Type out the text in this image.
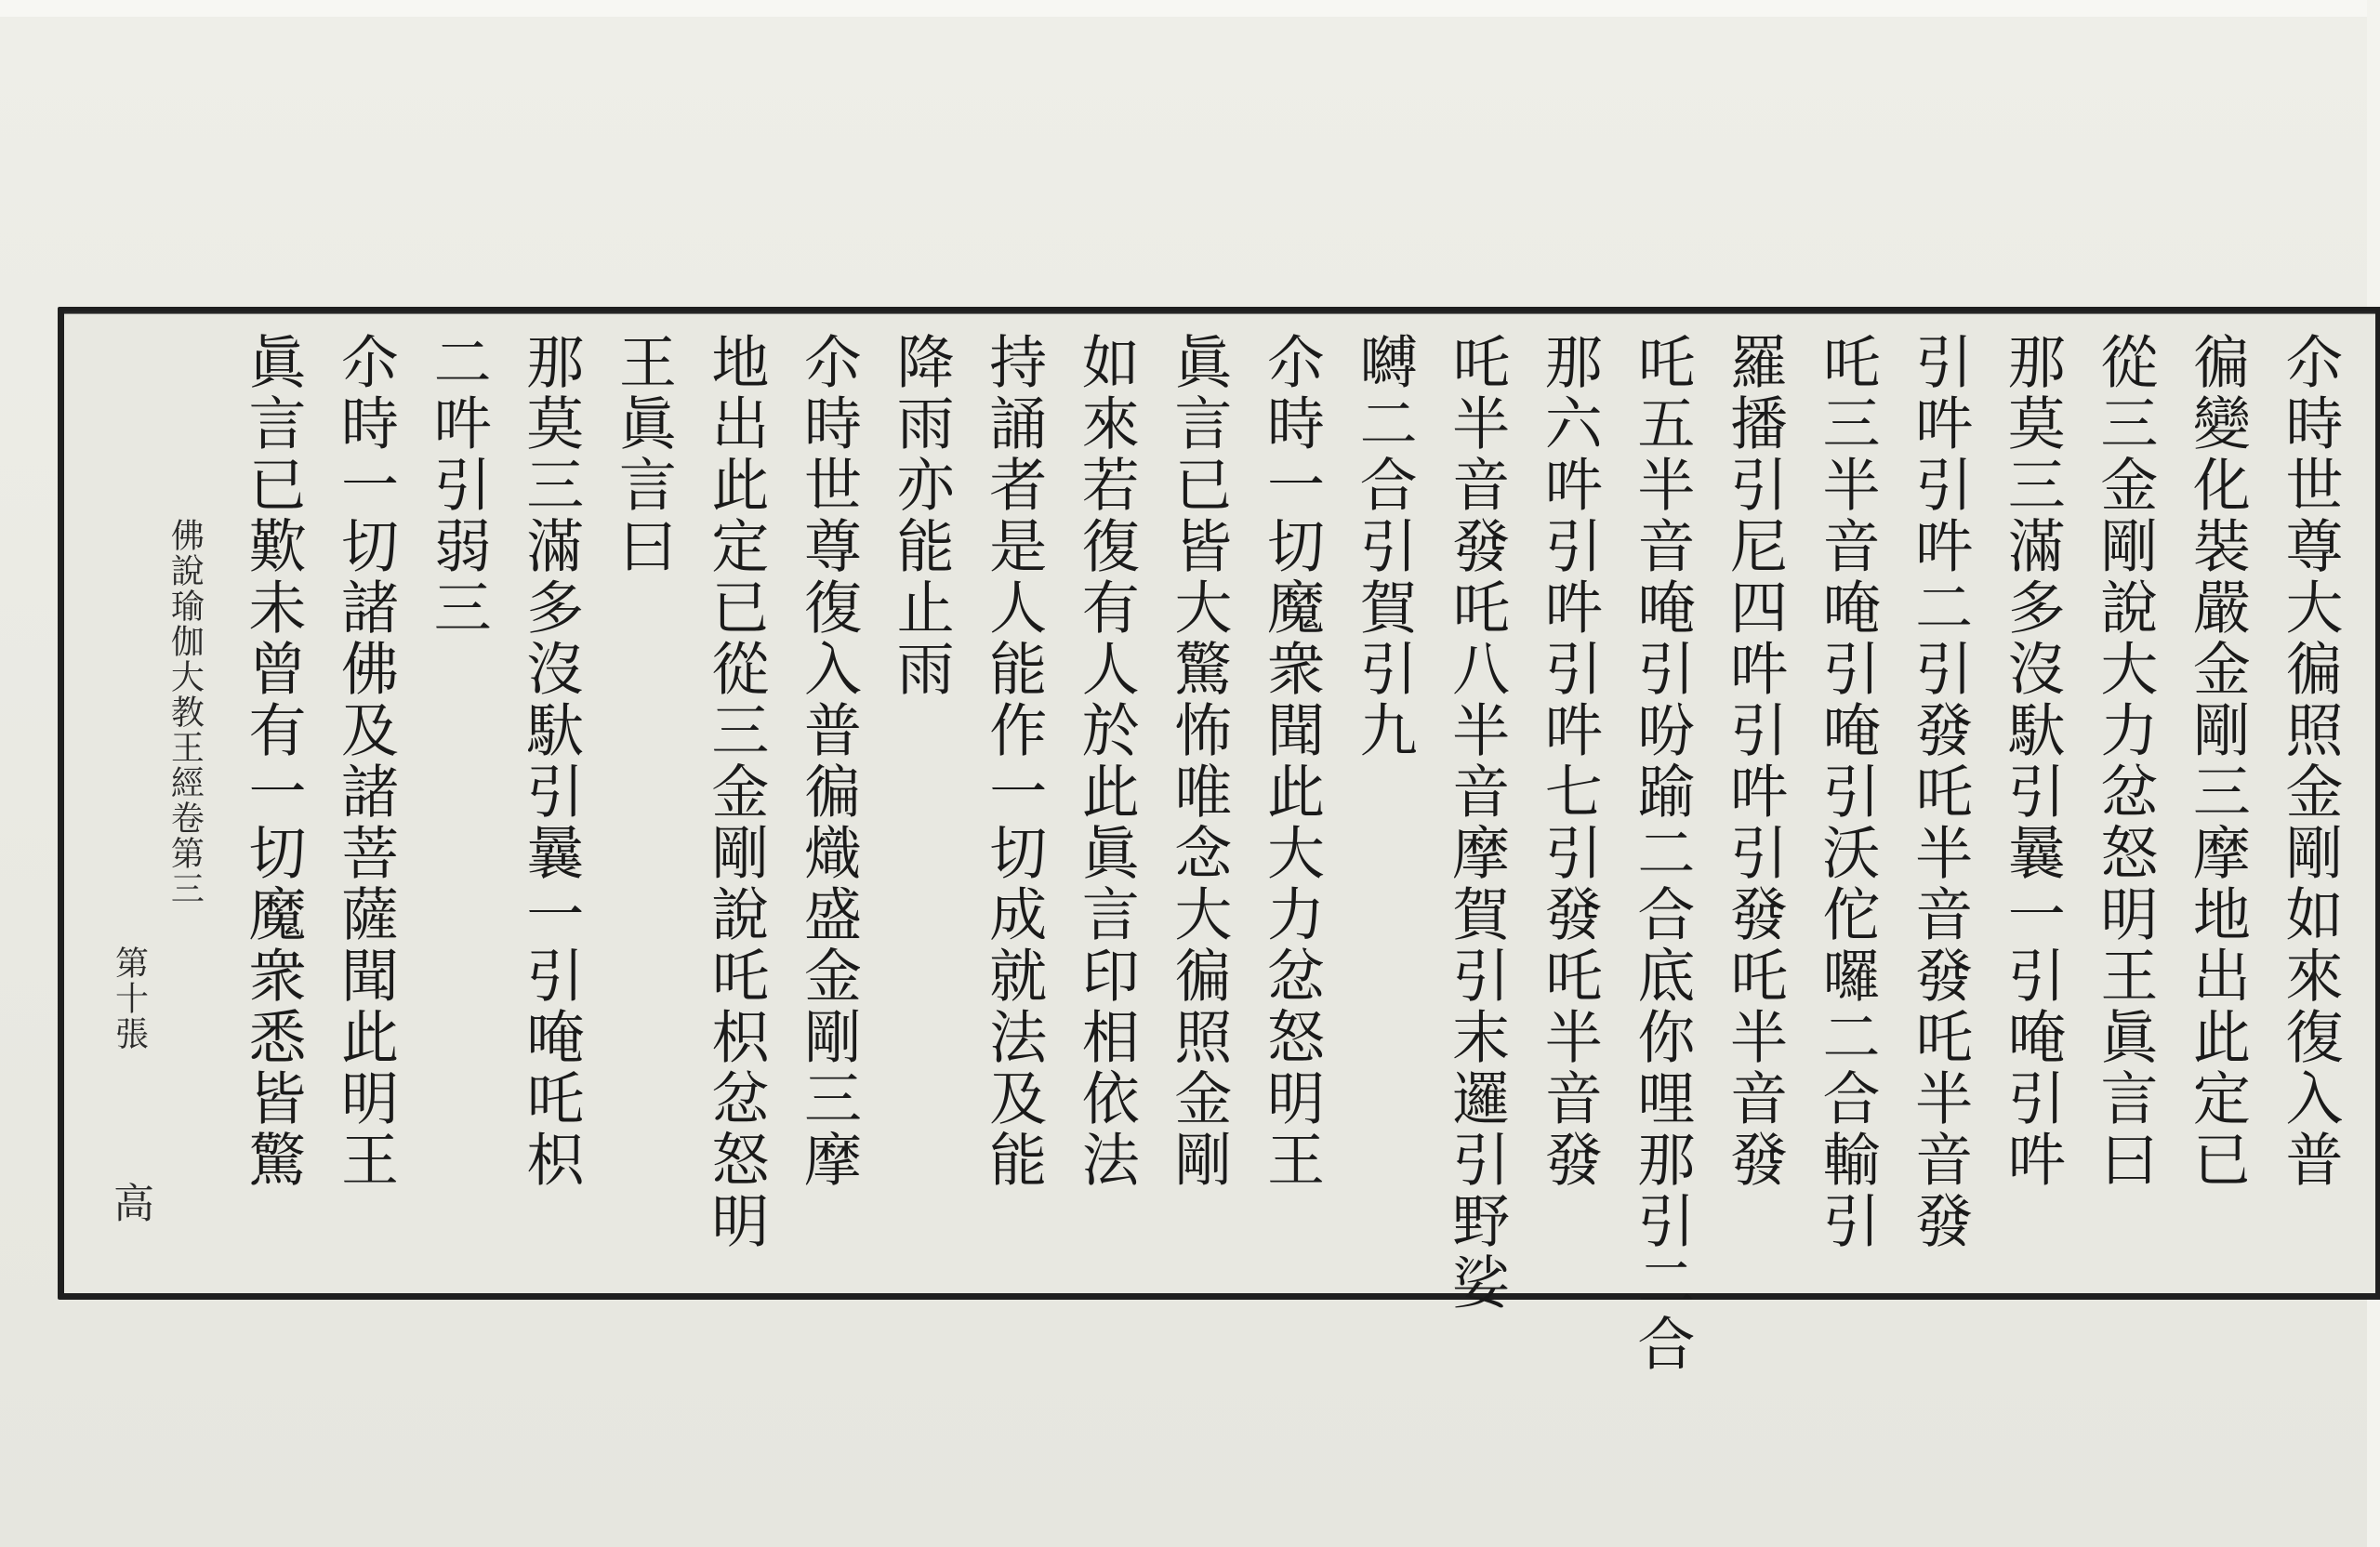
尒時世尊大徧照金剛如來復入普
徧變化裝嚴金剛三摩地出此定已
從三金剛說大力忿怒明王眞言曰
那莫三滿多沒馱引曩一引唵引吽
引吽引吽二引發吒半音發吒半音發
吒三半音唵引唵引沃佗囉二合輸引
羅播引尼四吽引吽引發吒半音發
吒五半音唵引吩踰二合底你哩那引二合
那六吽引吽引吽七引發吒半音發
吒半音發吒八半音摩賀引末邏引野娑
嚩二合引賀引九
尒時一切魔衆聞此大力忿怒明王
眞言已皆大驚怖唯念大徧照金剛
如來若復有人於此眞言印相依法
持誦者是人能作一切成就法及能
降雨亦能止雨
尒時世尊復入普徧熾盛金剛三摩
地出此定已從三金剛說吒枳忿怒明
王眞言曰
那莫三滿多沒馱引曩一引唵吒枳
二吽引弱三
尒時一切諸佛及諸菩薩聞此明王
眞言已歎未曾有一切魔衆悉皆驚
佛說瑜伽大教王經卷第三
第十張
高
